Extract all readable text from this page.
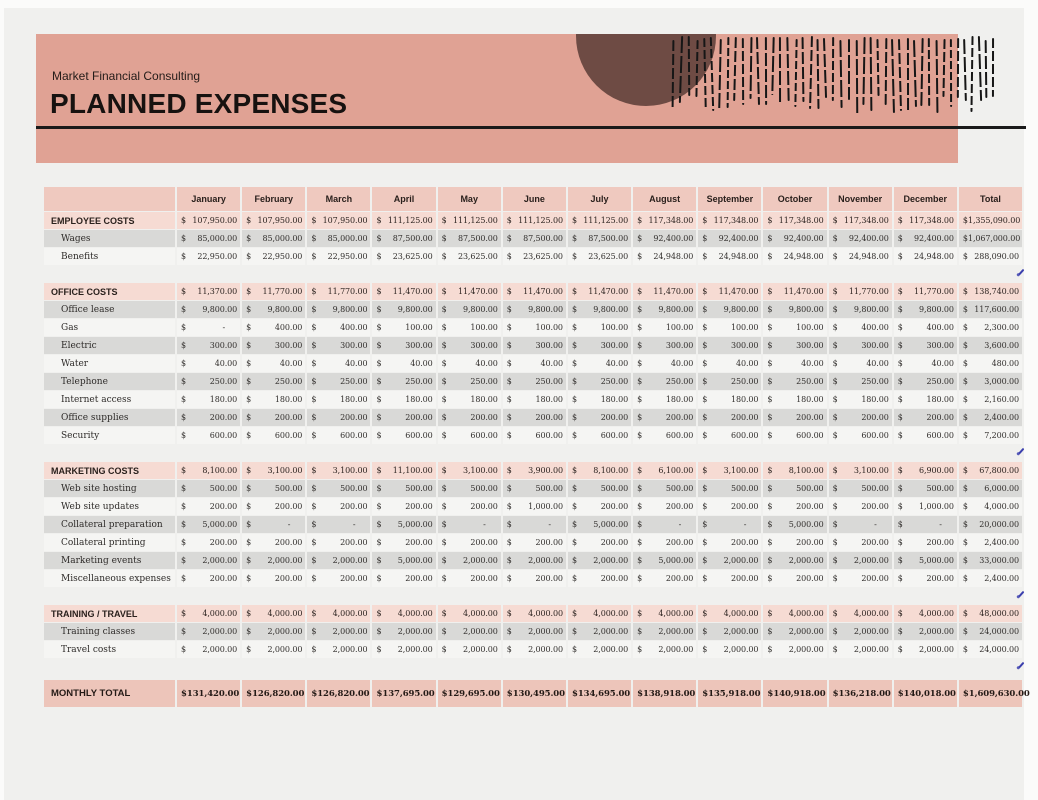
Market Financial Consulting
PLANNED EXPENSES
January	February	March	April	May	June	July	August	September	October	November December	Total
EMPLOYEE COSTS	$ 107,950.00 $ 107,950.00 $ 107,950.00 $ 111,125.00 $ 111,125.00 $ 111,125.00 $ 111,125.00 $ 117,348.00 $ 117,348.00 $ 117,348.00 $ 117,348.00 $ 117,348.00 $ 1,355,090.00
Wages	$ 85,000.00 $ 85,000.00 $ 85,000.00 $ 87,500.00 $ 87,500.00 $ 87,500.00 $ 87,500.00 $ 92,400.00 $ 92,400.00 $ 92,400.00 $ 92,400.00 $ 92,400.00 $ 1,067,000.00
Benefits	$ 22,950.00 $ 22,950.00 $ 22,950.00 $ 23,625.00 $ 23,625.00 $ 23,625.00 $ 23,625.00 $ 24,948.00 $ 24,948.00 $ 24,948.00 $ 24,948.00 $ 24,948.00 $ 288,090.00
OFFICE COSTS	$ 11,370.00 $ 11,770.00 $ 11,770.00 $ 11,470.00 $ 11,470.00 $ 11,470.00 $ 11,470.00 $ 11,470.00 $ 11,470.00 $ 11,470.00 $ 11,770.00 $ 11,770.00 $ 138,740.00
Office lease	$ 9,800.00 $ 9,800.00 $ 9,800.00 $ 9,800.00 $ 9,800.00 $ 9,800.00 $ 9,800.00 $ 9,800.00 $ 9,800.00 $ 9,800.00 $ 9,800.00 $ 9,800.00 $ 117,600.00
Gas	$	-	$	400.00 $	400.00 $	100.00 $	100.00 $	100.00 $	100.00 $	100.00 $	100.00 $	100.00 $	400.00 $	400.00 $ 2,300.00
Electric	$	300.00 $	300.00 $	300.00 $	300.00 $	300.00 $	300.00 $	300.00 $	300.00 $	300.00 $	300.00 $	300.00 $	300.00 $ 3,600.00
Water	$	40.00 $	40.00 $	40.00 $	40.00 $	40.00 $	40.00 $	40.00 $	40.00 $	40.00 $	40.00 $	40.00 $	40.00 $	480.00
Telephone	$	250.00 $	250.00 $	250.00 $	250.00 $	250.00 $	250.00 $	250.00 $	250.00 $	250.00 $	250.00 $	250.00 $	250.00 $ 3,000.00
Internet access	$	180.00 $	180.00 $	180.00 $	180.00 $	180.00 $	180.00 $	180.00 $	180.00 $	180.00 $	180.00 $	180.00 $	180.00 $ 2,160.00
Office supplies	$	200.00 $	200.00 $	200.00 $	200.00 $	200.00 $	200.00 $	200.00 $	200.00 $	200.00 $	200.00 $	200.00 $	200.00 $ 2,400.00
Security	$	600.00 $	600.00 $	600.00 $	600.00 $	600.00 $	600.00 $	600.00 $	600.00 $	600.00 $	600.00 $	600.00 $	600.00 $ 7,200.00
MARKETING COSTS	$ 8,100.00 $ 3,100.00 $ 3,100.00 $ 11,100.00 $ 3,100.00 $ 3,900.00 $ 8,100.00 $ 6,100.00 $ 3,100.00 $ 8,100.00 $ 3,100.00 $ 6,900.00 $ 67,800.00
Web site hosting	$	500.00 $	500.00 $	500.00 $	500.00 $	500.00 $	500.00 $	500.00 $	500.00 $	500.00 $	500.00 $	500.00 $	500.00 $ 6,000.00
Web site updates	$	200.00 $	200.00 $	200.00 $	200.00 $	200.00 $ 1,000.00 $	200.00 $	200.00 $	200.00 $	200.00 $	200.00 $ 1,000.00 $ 4,000.00
Collateral preparation	$ 5,000.00 $	-	$	-	$ 5,000.00 $	-	$	-	$ 5,000.00 $	-	$	-	$ 5,000.00 $	-	$	-	$ 20,000.00
Collateral printing	$	200.00 $	200.00 $	200.00 $	200.00 $	200.00 $	200.00 $	200.00 $	200.00 $	200.00 $	200.00 $	200.00 $	200.00 $ 2,400.00
Marketing events	$ 2,000.00 $ 2,000.00 $ 2,000.00 $ 5,000.00 $ 2,000.00 $ 2,000.00 $ 2,000.00 $ 5,000.00 $ 2,000.00 $ 2,000.00 $ 2,000.00 $ 5,000.00 $ 33,000.00
Miscellaneous expenses	$	200.00 $	200.00 $	200.00 $	200.00 $	200.00 $	200.00 $	200.00 $	200.00 $	200.00 $	200.00 $	200.00 $	200.00 $ 2,400.00
TRAINING / TRAVEL	$ 4,000.00 $ 4,000.00 $ 4,000.00 $ 4,000.00 $ 4,000.00 $ 4,000.00 $ 4,000.00 $ 4,000.00 $ 4,000.00 $ 4,000.00 $ 4,000.00 $ 4,000.00 $ 48,000.00
Training classes	$ 2,000.00 $ 2,000.00 $ 2,000.00 $ 2,000.00 $ 2,000.00 $ 2,000.00 $ 2,000.00 $ 2,000.00 $ 2,000.00 $ 2,000.00 $ 2,000.00 $ 2,000.00 $ 24,000.00
Travel costs	$ 2,000.00 $ 2,000.00 $ 2,000.00 $ 2,000.00 $ 2,000.00 $ 2,000.00 $ 2,000.00 $ 2,000.00 $ 2,000.00 $ 2,000.00 $ 2,000.00 $ 2,000.00 $ 24,000.00
MONTHLY TOTAL	$ 131,420.00 $ 126,820.00 $ 126,820.00 $ 137,695.00 $ 129,695.00 $ 130,495.00 $ 134,695.00 $ 138,918.00 $ 135,918.00 $ 140,918.00 $ 136,218.00 $ 140,018.00 $ 1,609,630.00
